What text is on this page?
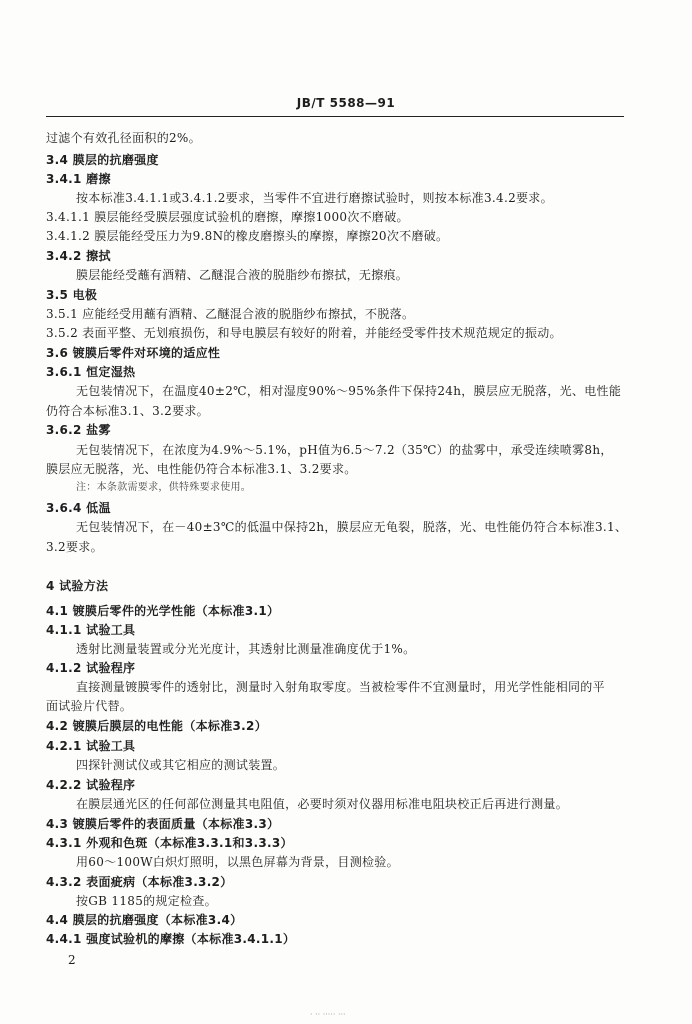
JB/T 5588—91
过滤个有效孔径面积的2%。
3.4 膜层的抗磨强度
3.4.1 磨擦
按本标准3.4.1.1或3.4.1.2要求，当零件不宜进行磨擦试验时，则按本标准3.4.2要求。
3.4.1.1 膜层能经受膜层强度试验机的磨擦，摩擦1000次不磨破。
3.4.1.2 膜层能经受压力为9.8N的橡皮磨擦头的摩擦，摩擦20次不磨破。
3.4.2 擦拭
膜层能经受蘸有酒精、乙醚混合液的脱脂纱布擦拭，无擦痕。
3.5 电极
3.5.1 应能经受用蘸有酒精、乙醚混合液的脱脂纱布擦拭，不脱落。
3.5.2 表面平整、无划痕损伤，和导电膜层有较好的附着，并能经受零件技术规范规定的振动。
3.6 镀膜后零件对环境的适应性
3.6.1 恒定湿热
无包装情况下，在温度40±2℃，相对湿度90%～95%条件下保持24h，膜层应无脱落，光、电性能
仍符合本标准3.1、3.2要求。
3.6.2 盐雾
无包装情况下，在浓度为4.9%～5.1%，pH值为6.5～7.2（35℃）的盐雾中，承受连续喷雾8h，
膜层应无脱落，光、电性能仍符合本标准3.1、3.2要求。
注：本条款需要求，供特殊要求使用。
3.6.4 低温
无包装情况下，在－40±3℃的低温中保持2h，膜层应无龟裂，脱落，光、电性能仍符合本标准3.1、
3.2要求。
4 试验方法
4.1 镀膜后零件的光学性能（本标准3.1）
4.1.1 试验工具
透射比测量装置或分光光度计，其透射比测量准确度优于1%。
4.1.2 试验程序
直接测量镀膜零件的透射比，测量时入射角取零度。当被检零件不宜测量时，用光学性能相同的平
面试验片代替。
4.2 镀膜后膜层的电性能（本标准3.2）
4.2.1 试验工具
四探针测试仪或其它相应的测试装置。
4.2.2 试验程序
在膜层通光区的任何部位测量其电阻值，必要时须对仪器用标准电阻块校正后再进行测量。
4.3 镀膜后零件的表面质量（本标准3.3）
4.3.1 外观和色斑（本标准3.3.1和3.3.3）
用60～100W白炽灯照明，以黑色屏幕为背景，目测检验。
4.3.2 表面疵病（本标准3.3.2）
按GB 1185的规定检查。
4.4 膜层的抗磨强度（本标准3.4）
4.4.1 强度试验机的摩擦（本标准3.4.1.1）
2
· ·· ····· ···
